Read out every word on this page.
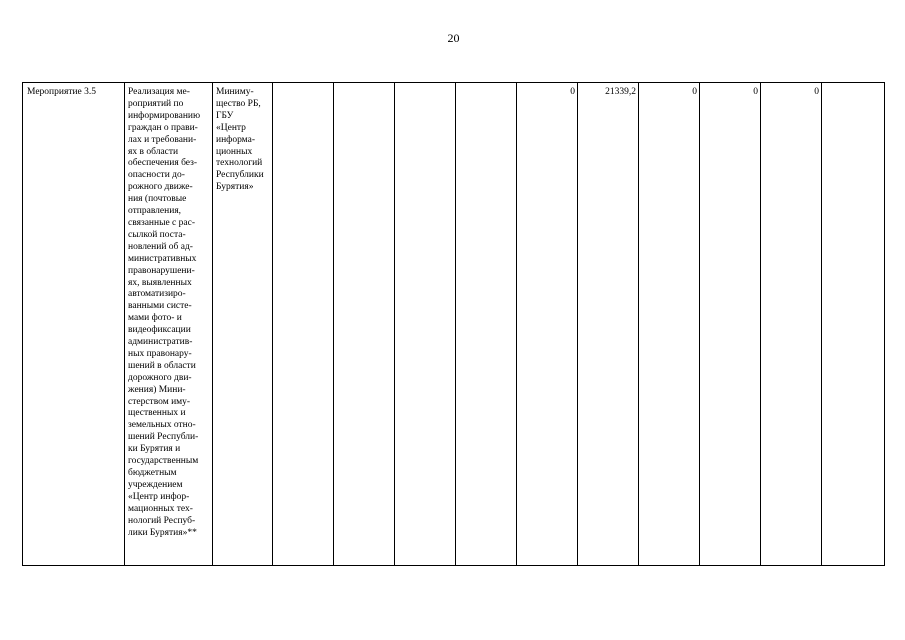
20
Мероприятие 3.5	Реализация ме-
роприятий по
информированию
граждан о прави-
лах и требовани-
ях в области
обеспечения без-
опасности до-
рожного движе-
ния (почтовые
отправления,
связанные с рас-
сылкой поста-
новлений об ад-
министративных
правонарушени-
ях, выявленных
автоматизиро-
ванными систе-
мами фото- и
видеофиксации
административ-
ных правонару-
шений в области
дорожного дви-
жения) Мини-
стерством иму-
щественных и
земельных отно-
шений Республи-
ки Бурятия и
государственным
бюджетным
учреждением
«Центр инфор-
мационных тех-
нологий Респуб-
лики Бурятия»**	Миниму-
щество РБ,
ГБУ
«Центр
информа-
ционных
технологий
Республики
Бурятия»					0	21339,2	0	0	0	
